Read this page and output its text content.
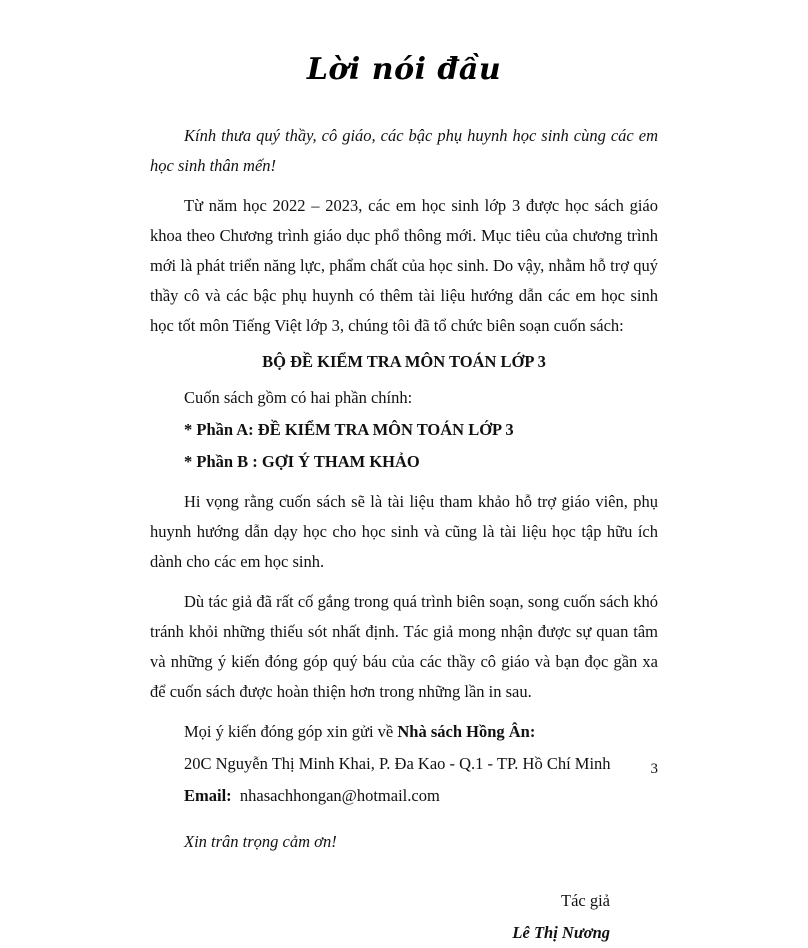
Lời nói đầu

Kính thưa quý thầy, cô giáo, các bậc phụ huynh học sinh cùng các em học sinh thân mến!

Từ năm học 2022 – 2023, các em học sinh lớp 3 được học sách giáo khoa theo Chương trình giáo dục phổ thông mới. Mục tiêu của chương trình mới là phát triển năng lực, phẩm chất của học sinh. Do vậy, nhằm hỗ trợ quý thầy cô và các bậc phụ huynh có thêm tài liệu hướng dẫn các em học sinh học tốt môn Tiếng Việt lớp 3, chúng tôi đã tổ chức biên soạn cuốn sách:

BỘ ĐỀ KIỂM TRA MÔN TOÁN LỚP 3

Cuốn sách gồm có hai phần chính:

* Phần A: ĐỀ KIỂM TRA MÔN TOÁN LỚP 3

* Phần B : GỢI Ý THAM KHẢO

Hi vọng rằng cuốn sách sẽ là tài liệu tham khảo hỗ trợ giáo viên, phụ huynh hướng dẫn dạy học cho học sinh và cũng là tài liệu học tập hữu ích dành cho các em học sinh.

Dù tác giả đã rất cố gắng trong quá trình biên soạn, song cuốn sách khó tránh khỏi những thiếu sót nhất định. Tác giả mong nhận được sự quan tâm và những ý kiến đóng góp quý báu của các thầy cô giáo và bạn đọc gần xa để cuốn sách được hoàn thiện hơn trong những lần in sau.

Mọi ý kiến đóng góp xin gửi về Nhà sách Hồng Ân:

20C Nguyễn Thị Minh Khai, P. Đa Kao - Q.1 - TP. Hồ Chí Minh

Email: nhasachhongan@hotmail.com

Xin trân trọng cảm ơn!

Tác giả
Lê Thị Nương
3
